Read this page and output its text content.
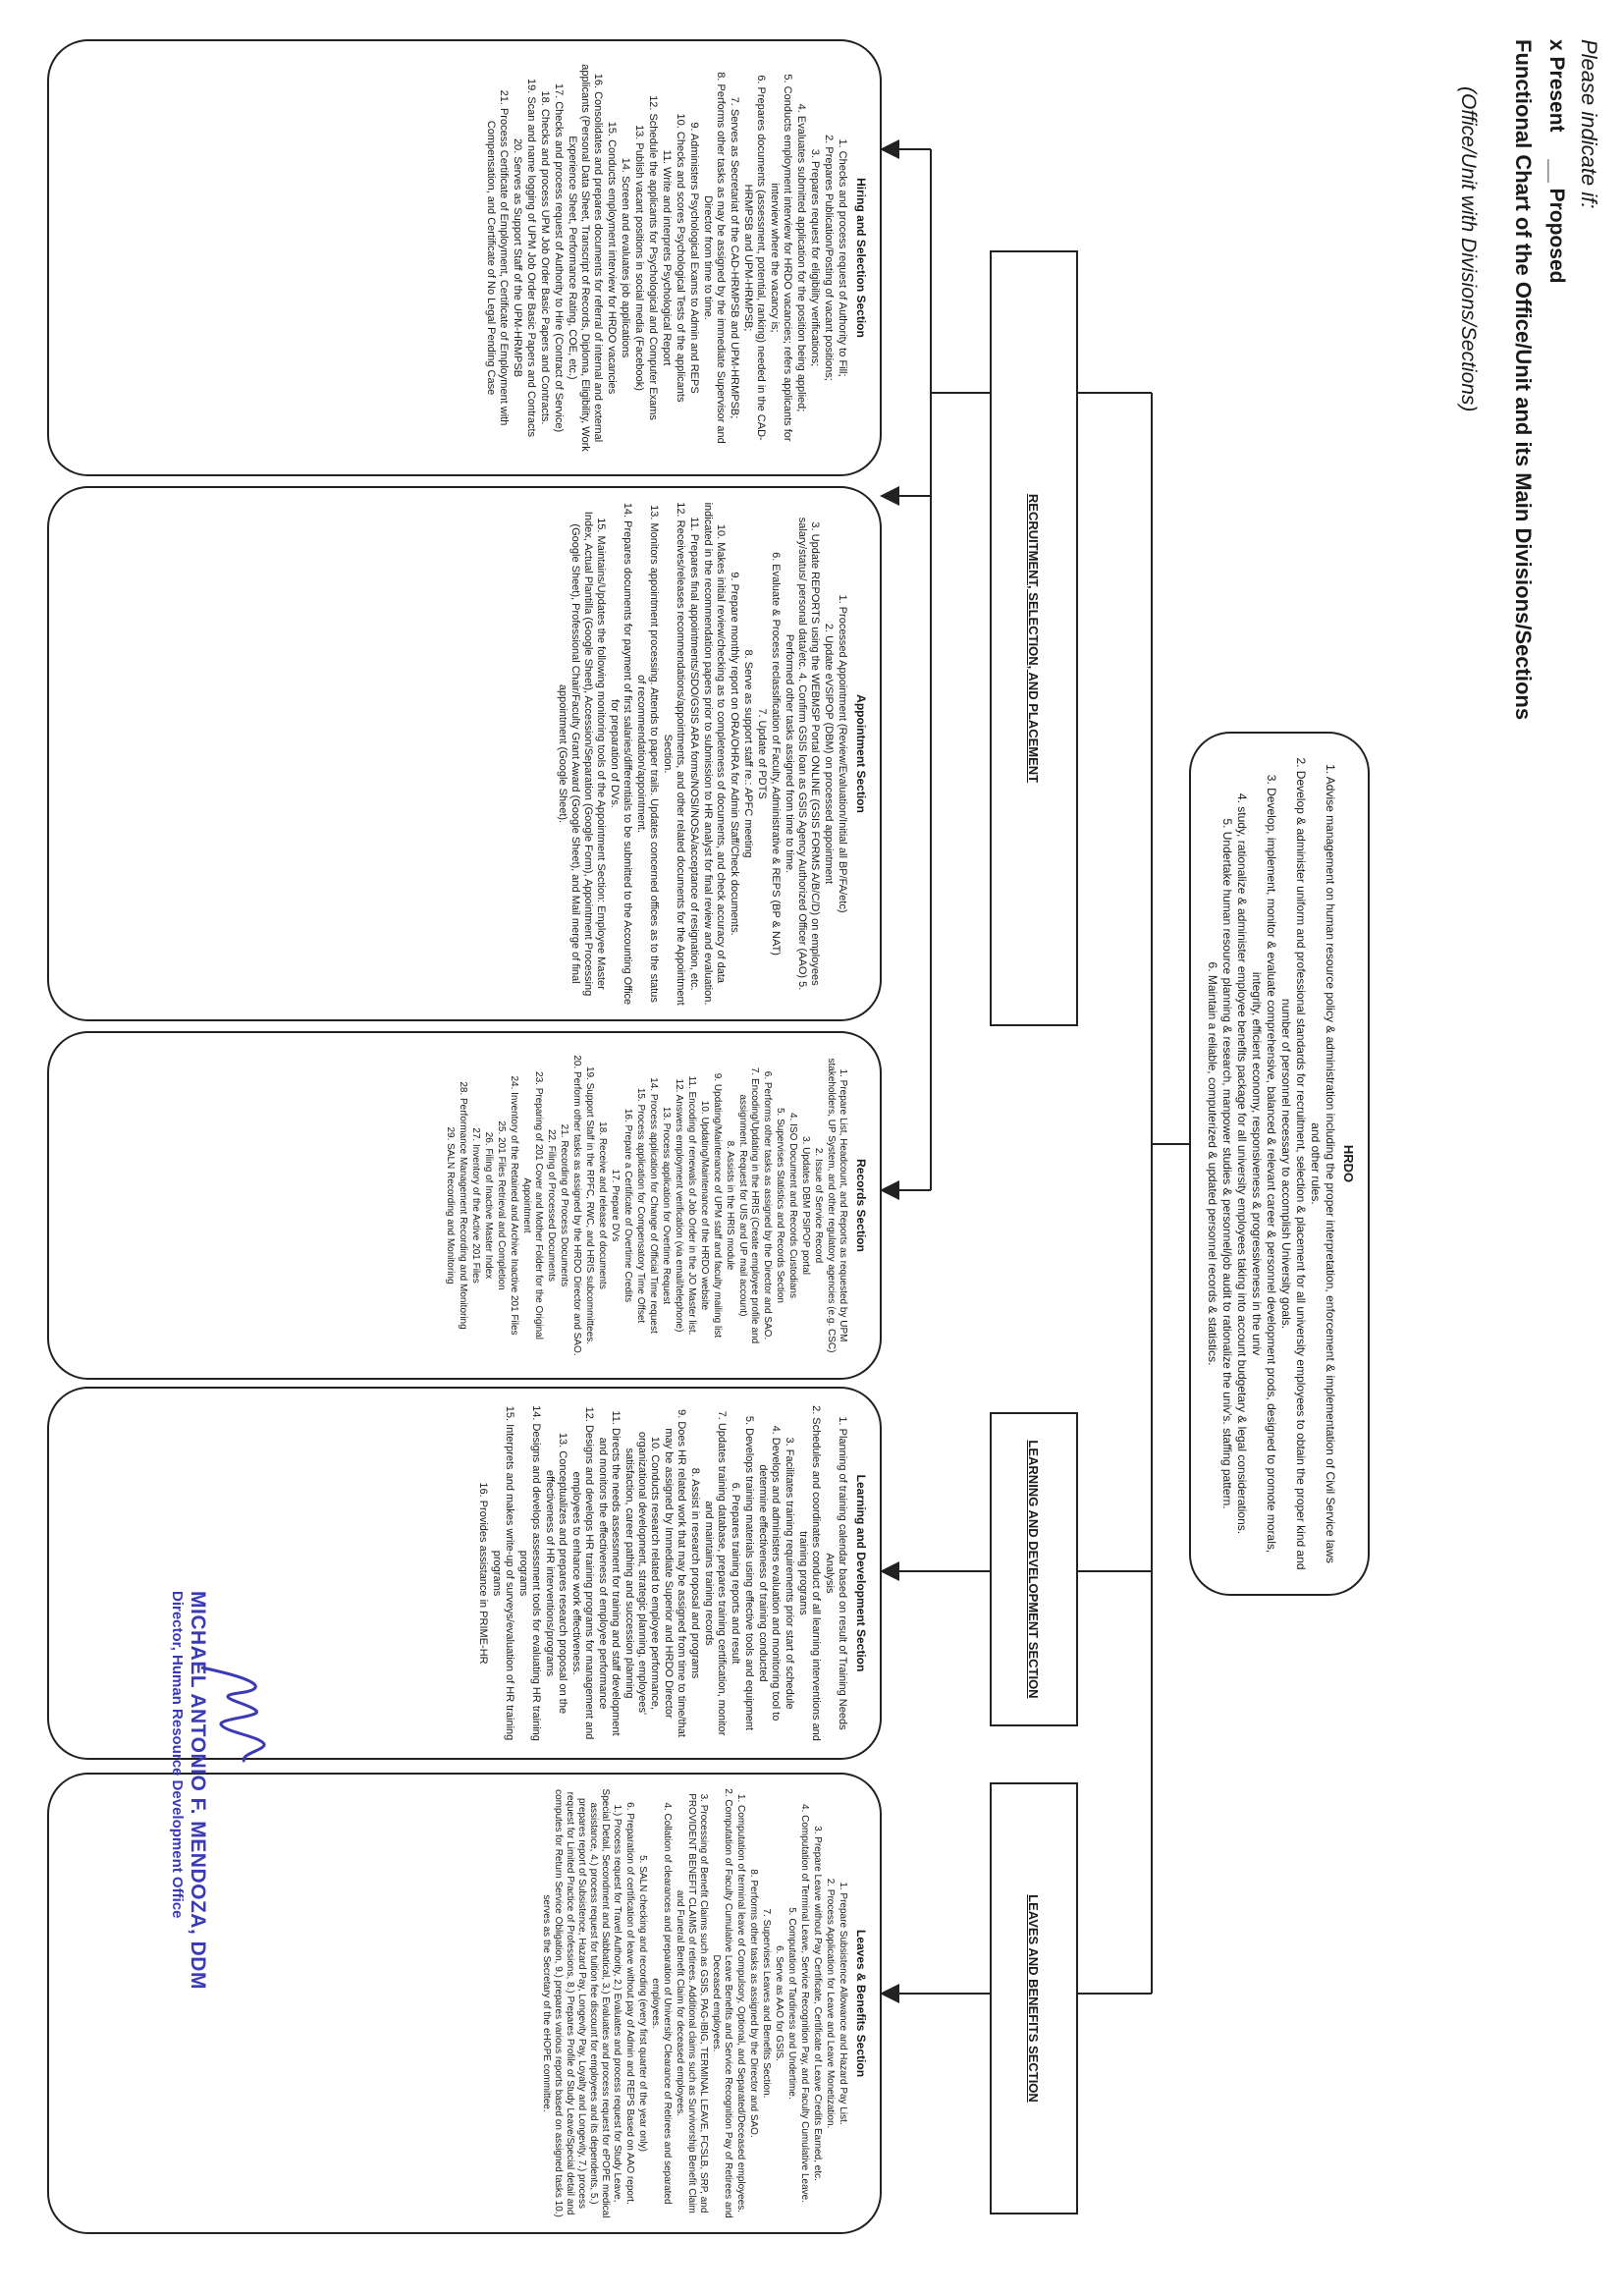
Please indicate if:
x Present __ Proposed
Functional Chart of the Office/Unit and its Main Divisions/Sections
(Office/Unit with Divisions/Sections)
HRDO
1. Advise management on human resource policy & administration including the proper interpretation, enforcement & implementation of Civil Service laws and other rules.
2. Develop & administer uniform and professional standards for recruitment, selection & placement for all university employees to obtain the proper kind and number of personnel necessary to accomplish University goals.
3. Develop, implement, monitor & evaluate comprehensive, balanced & relevant career & personnel development prods, designed to promote morals, integrity, efficient economy, responsiveness & progressiveness in the univ
4. study, rationalize & administer employee benefits package for all university employees taking into account budgetary & legal considerations.
5. Undertake human resource planning & research, manpower studies & personnel/job audit to rationalize the univ's. staffing pattern.
6. Maintain a reliable, computerized & updated personnel records & statistics.
RECRUITMENT, SELECTION, AND PLACEMENT
LEARNING AND DEVELOPMENT SECTION
LEAVES AND BENEFITS SECTION
Hiring and Selection Section
1. Checks and process request of Authority to Fill;
2. Prepares Publication/Posting of vacant positions;
3. Prepares request for eligibility verifications;
4. Evaluates submitted application for the position being applied;
5. Conducts employment interview for HRDO vacancies; refers applicants for interview where the vacancy is;
6. Prepares documents (assessment, potential, ranking) needed in the CAD-HRMPSB and UPM-HRMPSB;
7. Serves as Secretariat of the CAD-HRMPSB and UPM-HRMPSB;
8. Performs other tasks as may be assigned by the immediate Supervisor and Director from time to time.
9. Administers Psychological Exams to Admin and REPS
10. Checks and scores Psychological Tests of the applicants
11. Write and interprets Psychological Report
12. Schedule the applicants for Psychological and Computer Exams
13. Publish vacant positions in social media (Facebook)
14. Screen and evaluates job applications
15. Conducts employment interview for HRDO vacancies
16. Consolidates and prepares documents for referral of internal and external applicants (Personal Data Sheet, Transcript of Records, Diploma, Eligibility, Work Experience Sheet, Performance Rating, COE, etc.)
17. Checks and process request of Authority to Hire (Contract of Service)
18. Checks and process UPM Job Order Basic Papers and Contracts.
19. Scan and name logging of UPM Job Order Basic Papers and Contracts
20. Serves as Support Staff of the UPM-HRMPSB
21. Process Certificate of Employment, Certificate of Employment with Compensation, and Certificate of No Legal Pending Case
Appointment Section
1. Processed Appointment (Review/Evaluation/Initial all BP/FA/etc)
2. Update eVSIPOP (DBM) on processed appointment
3. Update REPORTS using the WEBMSP Portal ONLINE (GSIS FORMS A/B/C/D) on employees salary/status/ personal data/etc. 4. Confirm GSIS loan as GSIS Agency Authorized Officer (AAO) 5. Performed other tasks assigned from time to time.
6. Evaluate & Process reclassification of Faculty, Administrative & REPS (BP & NAT)
7. Update of PDTS
8. Serve as support staff re.: APFC meeting
9. Prepare monthly report on ORA/OHRA for Admin Staff/Check documents.
10. Makes initial review/checking as to completeness of documents, and check accuracy of data indicated in the recommendation papers prior to submission to HR analyst for final review and evaluation.
11. Prepares final appointments/SDO/GSIS ARA forms/NOSI/NOSA/acceptance of resignation, etc.
12. Receives/releases recommendations/appointments, and other related documents for the Appointment Section.
13. Monitors appointment processing. Attends to paper trails. Updates concerned offices as to the status of recommendation/appointment.
14. Prepares documents for payment of first salaries/differentials to be submitted to the Accounting Office for preparation of DVs.
15. Maintains/Updates the following monitoring tools of the Appointment Section: Employee Master Index, Actual Plantilla (Google Sheet), Accession/Separation (Google Form), Appointment Processing (Google Sheet), Professional Chair/Faculty Grant Award (Google Sheet), and Mail merge of final appointment (Google Sheet).
Records Section
1. Prepare List, Headcount, and Reports as requested by UPM stakeholders, UP System, and other regulatory agencies (e.g. CSC)
2. Issue of Service Record
3. Updates DBM PSIPOP portal
4. ISO Document and Records Custodians
5. Supervises Statistics and Records Section
6. Performs other tasks as assigned by the Director and SAO.
7. Encoding/Updating in the HRIS (Create employee profile and assignment. Request for UIS and UP mail account)
8. Assists in the HRIS module
9. Updating/Maintenance of UPM staff and faculty mailing list
10. Updating/Maintenance of the HRDO website
11. Encoding of renewals of Job Order in the JO Master list.
12. Answers employment verification (via email/telephone)
13. Process application for Overtime Request
14. Process application for Change of Official Time request
15. Process application for Compensatory Time Offset
16. Prepare a Certificate of Overtime Credits
17. Prepare DVs
18. Receive and release of documents
19. Support Staff in the RPFC, RWC, and HRIS subcommittees.
20. Perform other tasks as assigned by the HRDO Director and SAO.
21. Recording of Process Documents
22. Filing of Processed Documents
23. Preparing of 201 Cover and Mother Folder for the Original Appointment
24. Inventory of the Retained and Archive Inactive 201 Files
25. 201 Files Retrieval and Completion
26. Filing of Inactive Master Index
27. Inventory of the Active 201 Files
28. Performance Management Recording and Monitoring
29. SALN Recording and Monitoring
Learning and Development Section
1. Planning of training calendar based on result of Training Needs Analysis
2. Schedules and coordinates conduct of all learning interventions and training programs
3. Facilitates training requirements prior start of schedule
4. Develops and administers evaluation and monitoring tool to determine effectiveness of training conducted
5. Develops training materials using effective tools and equipment
6. Prepares training reports and result
7. Updates training database, prepares training certification, monitor and maintains training records
8. Assist in research proposal and programs
9. Does HR related work that may be assigned from time to time/that may be assigned by Immediate Superior and HRDO Director
10. Conducts research related to employee performance, organizational development, strategic planning, employees' satisfaction, career pathing and succession planning
11. Directs the needs assessment for training and staff development and monitors the effectiveness of employee performance
12. Designs and develops HR training programs for management and employees to enhance work effectiveness.
13. Conceptualizes and prepares research proposal on the effectiveness of HR interventions/programs
14. Designs and develops assessment tools for evaluating HR training programs
15. Interprets and makes write-up of surveys/evaluation of HR training programs
16. Provides assistance in PRIME-HR
Leaves & Benefits Section
1. Prepare Subsistence Allowance and Hazard Pay List.
2. Process Application for Leave and Leave Monetization.
3. Prepare Leave without Pay Certificate, Certificate of Leave Credits Earned, etc.
4. Computation of Terminal Leave, Service Recognition Pay, and Faculty Cumulative Leave.
5. Computation of Tardiness and Undertime.
6. Serve as AAO for GSIS.
7. Supervises Leaves and Benefits Section.
8. Performs other tasks as assigned by the Director and SAO.
1. Computation of terminal leave of Compulsory, Optional, and Separated/Deceased employees.
2. Computation of Faculty Cumulative Leave Benefits and Service Recognition Pay of Retirees and Deceased employees.
3. Processing of Benefit Claims such as GSIS, PAG-IBIG, TERMINAL LEAVE, FCSLB, SRP, and PROVIDENT BENEFIT CLAIMS of retirees. Additional claims such as Survivorship Benefit Claim and Funeral Benefit Claim for deceased employees.
4. Collation of clearances and preparation of University Clearance of Retirees and separated employees.
5. SALN checking and recording (every first quarter of the year only)
6. Preparation of certification of leave without pay of Admin and REPS Based on AAO report.
1.) Process request for Travel Authority, 2.) Evaluates and process request for Study Leave, Special Detail, Secondment and Sabbatical, 3.) Evaluates and process request for ePOPE medical assistance, 4.) process request for tuition fee discount for employees and its dependents, 5.) prepares report of Subsistence, Hazard Pay, Longevity Pay, Loyalty and Longevity, 7.) process request for Limited Practice of Professions, 8.) Prepares Profile of Study Leave/Special detail and computes for Return Service Obligation, 9.) prepares various reports based on assigned tasks 10.) serves as the Secretary of the eHOPE committee.
MICHAEL ANTONIO F. MENDOZA, DDM
Director, Human Resource Development Office
